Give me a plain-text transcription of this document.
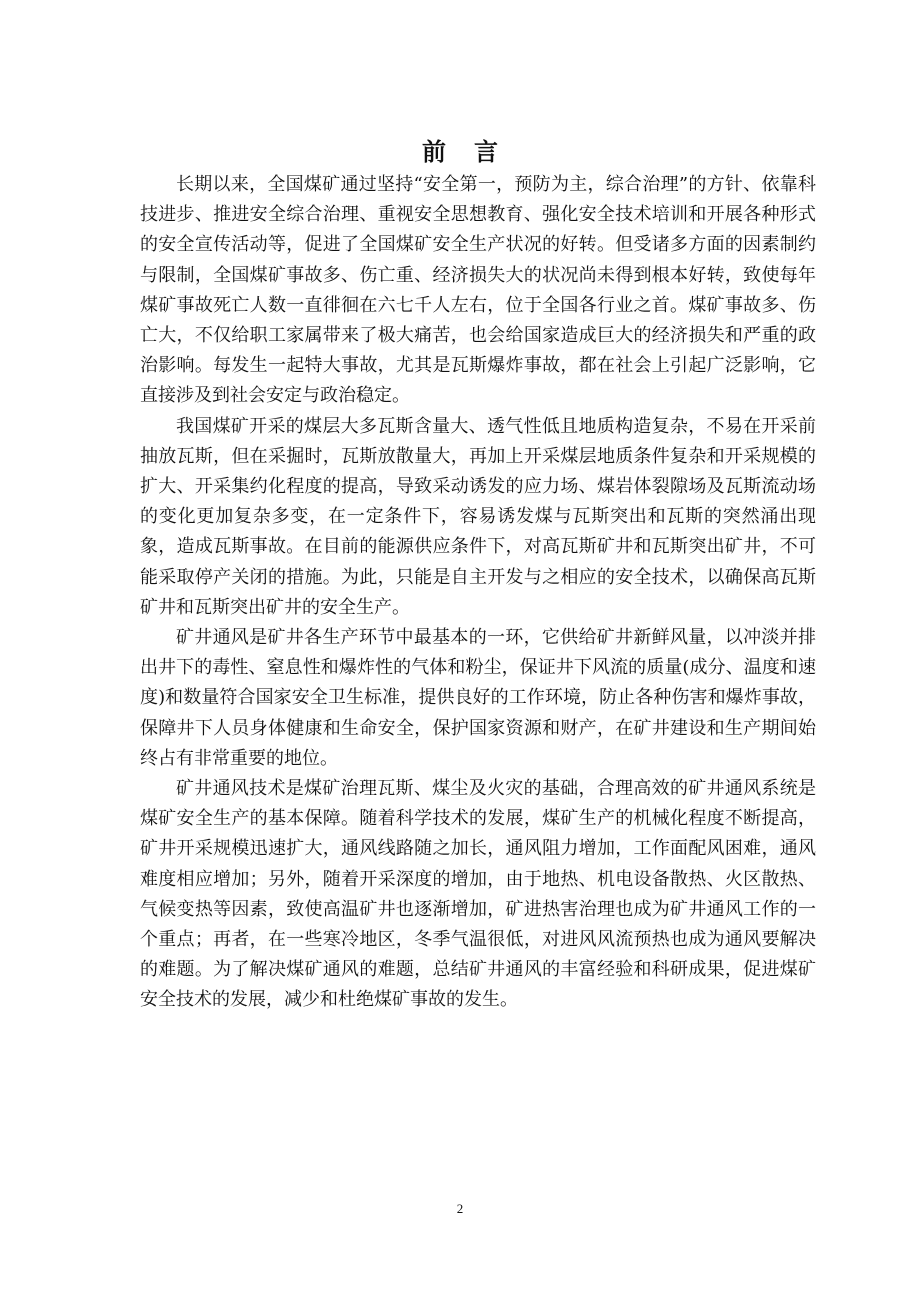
前言

长期以来，全国煤矿通过坚持“安全第一，预防为主，综合治理”的方针、依靠科技进步、推进安全综合治理、重视安全思想教育、强化安全技术培训和开展各种形式的安全宣传活动等，促进了全国煤矿安全生产状况的好转。但受诸多方面的因素制约与限制，全国煤矿事故多、伤亡重、经济损失大的状况尚未得到根本好转，致使每年煤矿事故死亡人数一直徘徊在六七千人左右，位于全国各行业之首。煤矿事故多、伤亡大，不仅给职工家属带来了极大痛苦，也会给国家造成巨大的经济损失和严重的政治影响。每发生一起特大事故，尤其是瓦斯爆炸事故，都在社会上引起广泛影响，它直接涉及到社会安定与政治稳定。

我国煤矿开采的煤层大多瓦斯含量大、透气性低且地质构造复杂，不易在开采前抽放瓦斯，但在采掘时，瓦斯放散量大，再加上开采煤层地质条件复杂和开采规模的扩大、开采集约化程度的提高，导致采动诱发的应力场、煤岩体裂隙场及瓦斯流动场的变化更加复杂多变，在一定条件下，容易诱发煤与瓦斯突出和瓦斯的突然涌出现象，造成瓦斯事故。在目前的能源供应条件下，对高瓦斯矿井和瓦斯突出矿井，不可能采取停产关闭的措施。为此，只能是自主开发与之相应的安全技术，以确保高瓦斯矿井和瓦斯突出矿井的安全生产。

矿井通风是矿井各生产环节中最基本的一环，它供给矿井新鲜风量，以冲淡并排出井下的毒性、窒息性和爆炸性的气体和粉尘，保证井下风流的质量(成分、温度和速度)和数量符合国家安全卫生标准，提供良好的工作环境，防止各种伤害和爆炸事故，保障井下人员身体健康和生命安全，保护国家资源和财产，在矿井建设和生产期间始终占有非常重要的地位。

矿井通风技术是煤矿治理瓦斯、煤尘及火灾的基础，合理高效的矿井通风系统是煤矿安全生产的基本保障。随着科学技术的发展，煤矿生产的机械化程度不断提高，矿井开采规模迅速扩大，通风线路随之加长，通风阻力增加，工作面配风困难，通风难度相应增加；另外，随着开采深度的增加，由于地热、机电设备散热、火区散热、气候变热等因素，致使高温矿井也逐渐增加，矿进热害治理也成为矿井通风工作的一个重点；再者，在一些寒冷地区，冬季气温很低，对进风风流预热也成为通风要解决的难题。为了解决煤矿通风的难题，总结矿井通风的丰富经验和科研成果，促进煤矿安全技术的发展，减少和杜绝煤矿事故的发生。

2
